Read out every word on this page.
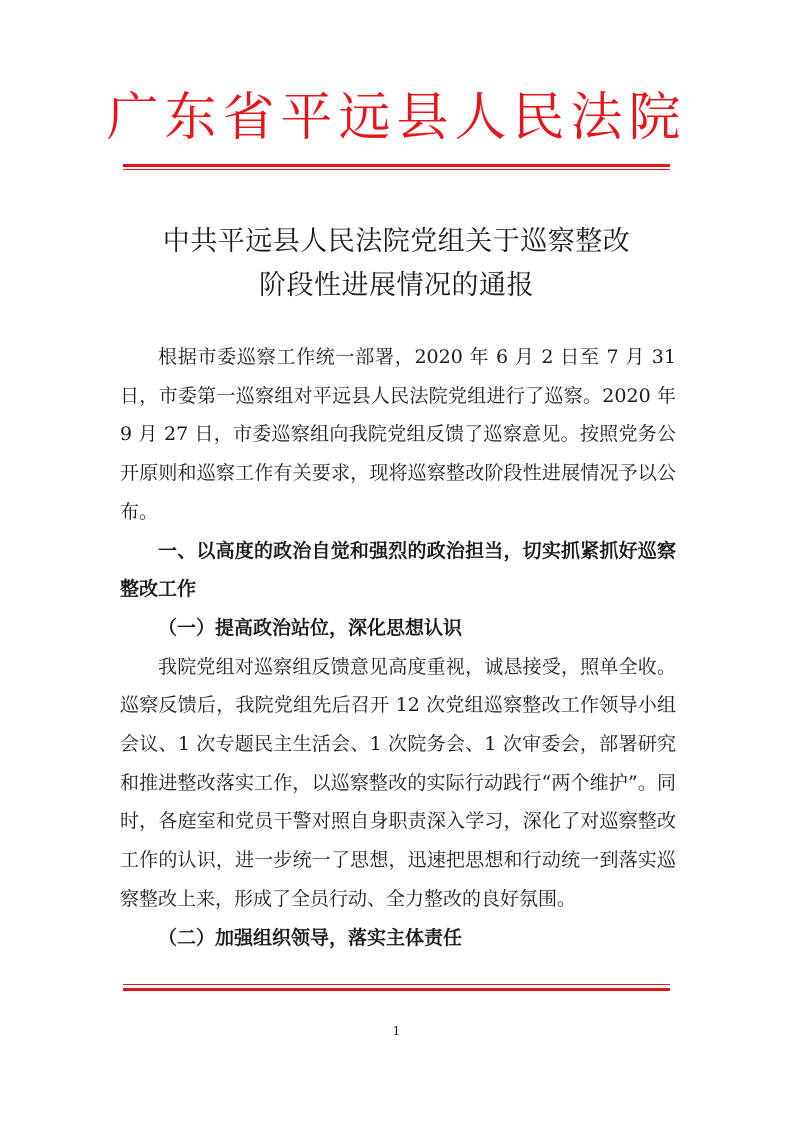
广东省平远县人民法院
中共平远县人民法院党组关于巡察整改
阶段性进展情况的通报

根据市委巡察工作统一部署，2020 年 6 月 2 日至 7 月 31 日，市委第一巡察组对平远县人民法院党组进行了巡察。2020 年 9 月 27 日，市委巡察组向我院党组反馈了巡察意见。按照党务公开原则和巡察工作有关要求，现将巡察整改阶段性进展情况予以公布。

一、以高度的政治自觉和强烈的政治担当，切实抓紧抓好巡察整改工作

（一）提高政治站位，深化思想认识

我院党组对巡察组反馈意见高度重视，诚恳接受，照单全收。巡察反馈后，我院党组先后召开 12 次党组巡察整改工作领导小组会议、1 次专题民主生活会、1 次院务会、1 次审委会，部署研究和推进整改落实工作，以巡察整改的实际行动践行“两个维护”。同时，各庭室和党员干警对照自身职责深入学习，深化了对巡察整改工作的认识，进一步统一了思想，迅速把思想和行动统一到落实巡察整改上来，形成了全员行动、全力整改的良好氛围。

（二）加强组织领导，落实主体责任

1
